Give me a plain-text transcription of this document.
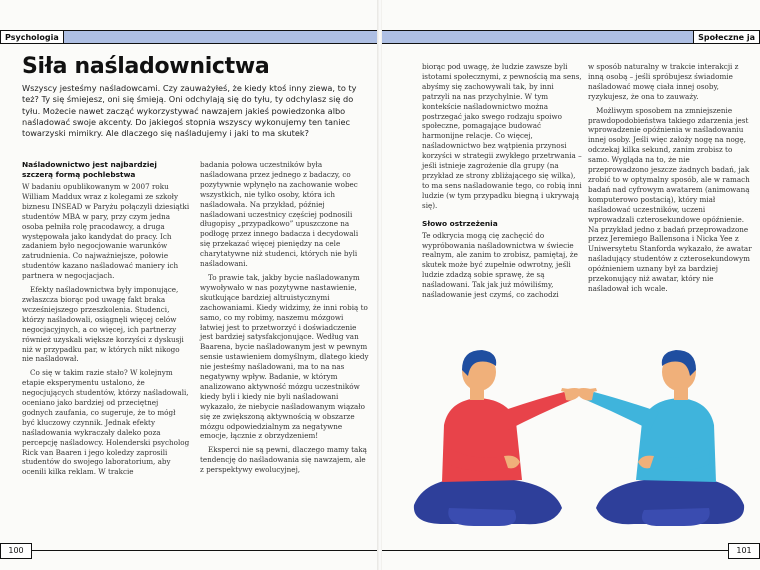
Psychologia
Siła naśladownictwa
Wszyscy jesteśmy naśladowcami. Czy zauważyłeś, że kiedy ktoś inny ziewa, to ty też? Ty się śmiejesz, oni się śmieją. Oni odchylają się do tyłu, ty odchylasz się do tyłu. Możecie nawet zacząć wykorzystywać nawzajem jakieś powiedzonka albo naśladować swoje akcenty. Do jakiegoś stopnia wszyscy wykonujemy ten taniec towarzyski mimikry. Ale dlaczego się naśladujemy i jaki to ma skutek?

Naśladownictwo jest najbardziej szczerą formą pochlebstwa

W badaniu opublikowanym w 2007 roku William Maddux wraz z kolegami ze szkoły biznesu INSEAD w Paryżu połączyli dziesiątki studentów MBA w pary, przy czym jedna osoba pełniła rolę pracodawcy, a druga występowała jako kandydat do pracy. Ich zadaniem było negocjowanie warunków zatrudnienia. Co najważniejsze, połowie studentów kazano naśladować maniery ich partnera w negocjacjach.

Efekty naśladownictwa były imponujące, zwłaszcza biorąc pod uwagę fakt braka wcześniejszego przeszkolenia. Studenci, którzy naśladowali, osiągnęli więcej celów negocjacyjnych, a co więcej, ich partnerzy również uzyskali większe korzyści z dyskusji niż w przypadku par, w których nikt nikogo nie naśladował.

Co się w takim razie stało? W kolejnym etapie eksperymentu ustalono, że negocjujących studentów, którzy naśladowali, oceniano jako bardziej od przeciętnej godnych zaufania, co sugeruje, że to mógł być kluczowy czynnik. Jednak efekty naśladowania wykraczały daleko poza percepcję naśladowcy. Holenderski psycholog Rick van Baaren i jego koledzy zaprosili studentów do swojego laboratorium, aby ocenili kilka reklam. W trakcie

badania połowa uczestników była naśladowana przez jednego z badaczy, co pozytywnie wpłynęło na zachowanie wobec wszystkich, nie tylko osoby, która ich naśladowała. Na przykład, później naśladowani uczestnicy częściej podnosili długopisy „przypadkowo” upuszczone na podłogę przez innego badacza i decydowali się przekazać więcej pieniędzy na cele charytatywne niż studenci, których nie byli naśladowani.

To prawie tak, jakby bycie naśladowanym wywoływało w nas pozytywne nastawienie, skutkujące bardziej altruistycznymi zachowaniami. Kiedy widzimy, że inni robią to samo, co my robimy, naszemu mózgowi łatwiej jest to przetworzyć i doświadczenie jest bardziej satysfakcjonujące. Według van Baarena, bycie naśladowanym jest w pewnym sensie ustawieniem domyślnym, dlatego kiedy nie jesteśmy naśladowani, ma to na nas negatywny wpływ. Badanie, w którym analizowano aktywność mózgu uczestników kiedy byli i kiedy nie byli naśladowani wykazało, że niebycie naśladowanym wiązało się ze zwiększoną aktywnością w obszarze mózgu odpowiedzialnym za negatywne emocje, łącznie z obrzydzeniem!

Eksperci nie są pewni, dlaczego mamy taką tendencję do naśladowania się nawzajem, ale z perspektywy ewolucyjnej,

100
Społeczne ja

biorąc pod uwagę, że ludzie zawsze byli istotami społecznymi, z pewnością ma sens, abyśmy się zachowywali tak, by inni patrzyli na nas przychylnie. W tym kontekście naśladownictwo można postrzegać jako swego rodzaju spoiwo społeczne, pomagające budować harmonijne relacje. Co więcej, naśladownictwo bez wątpienia przynosi korzyści w strategii zwykłego przetrwania – jeśli istnieje zagrożenie dla grupy (na przykład ze strony zbliżającego się wilka), to ma sens naśladowanie tego, co robią inni ludzie (w tym przypadku biegną i ukrywają się).

Słowo ostrzeżenia

Te odkrycia mogą cię zachęcić do wypróbowania naśladownictwa w świecie realnym, ale zanim to zrobisz, pamiętaj, że skutek może być zupełnie odwrotny, jeśli ludzie zdadzą sobie sprawę, że są naśladowani. Tak jak już mówiliśmy, naśladowanie jest czymś, co zachodzi

w sposób naturalny w trakcie interakcji z inną osobą – jeśli spróbujesz świadomie naśladować mowę ciała innej osoby, ryzykujesz, że ona to zauważy.

Możliwym sposobem na zmniejszenie prawdopodobieństwa takiego zdarzenia jest wprowadzenie opóźnienia w naśladowaniu innej osoby. Jeśli więc założy nogę na nogę, odczekaj kilka sekund, zanim zrobisz to samo. Wygląda na to, że nie przeprowadzono jeszcze żadnych badań, jak zrobić to w optymalny sposób, ale w ramach badań nad cyfrowym awatarem (animowaną komputerowo postacią), który miał naśladować uczestników, uczeni wprowadzali czterosekundowe opóźnienie. Na przykład jedno z badań przeprowadzone przez Jeremiego Ballensona i Nicka Yee z Uniwersytetu Stanforda wykazało, że awatar naśladujący studentów z czterosekundowym opóźnieniem uznany był za bardziej przekonujący niż awatar, który nie naśladował ich wcale.

101
